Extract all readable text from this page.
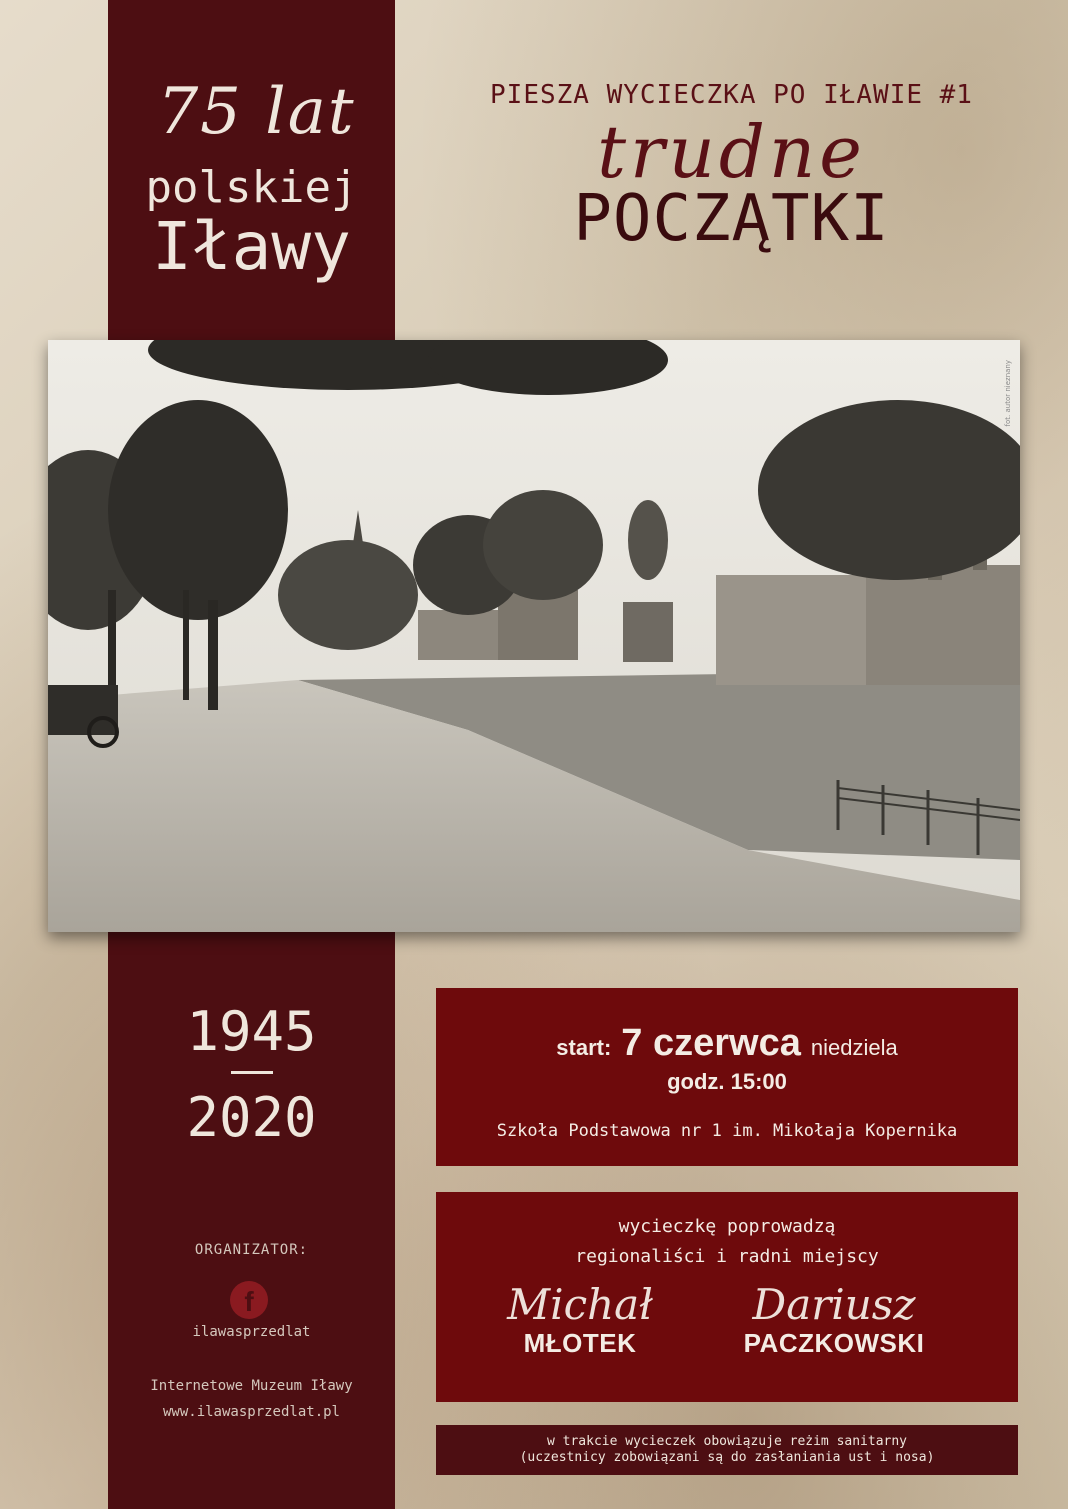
75 lat
polskiej
Iławy
1945
2020
ORGANIZATOR:
f
ilawasprzedlat
Internetowe Muzeum Iławy
www.ilawasprzedlat.pl
PIESZA WYCIECZKA PO IŁAWIE #1
trudne
POCZĄTKI
fot. autor nieznany
start: 7 czerwca niedziela
godz. 15:00
Szkoła Podstawowa nr 1 im. Mikołaja Kopernika
wycieczkę poprowadzą
regionaliści i radni miejscy
Michał
MŁOTEK
Dariusz
PACZKOWSKI
w trakcie wycieczek obowiązuje reżim sanitarny
(uczestnicy zobowiązani są do zasłaniania ust i nosa)
